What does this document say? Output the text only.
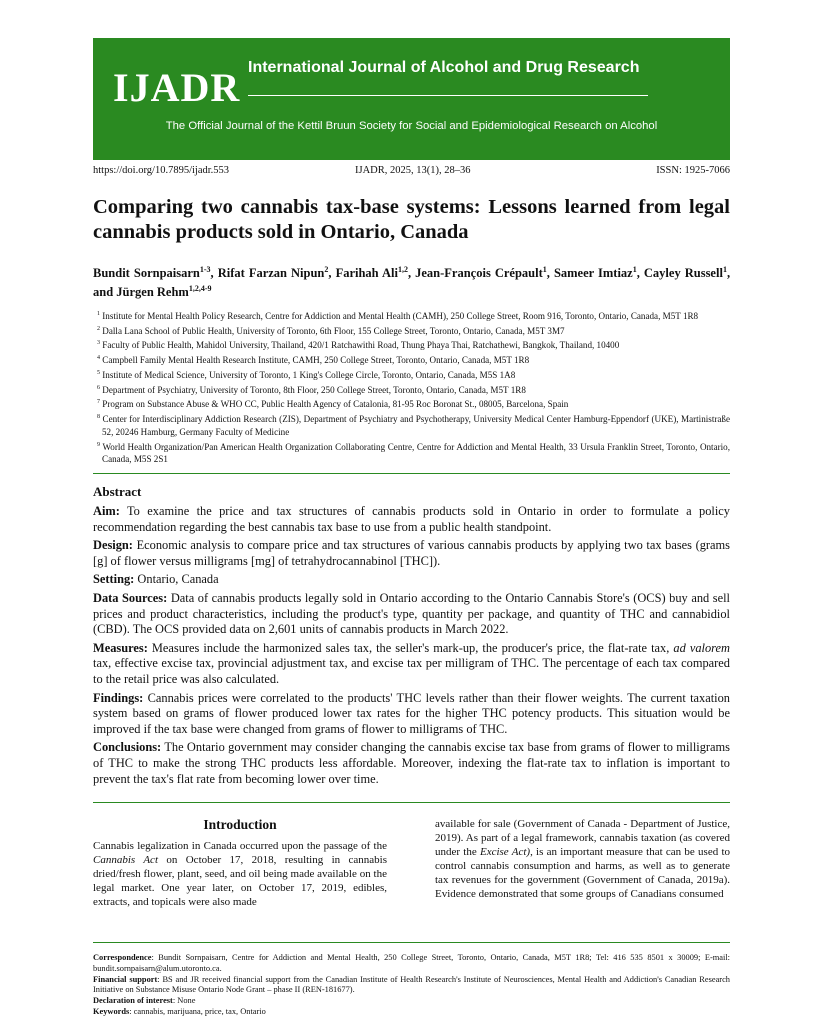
IJADR International Journal of Alcohol and Drug Research
The Official Journal of the Kettil Bruun Society for Social and Epidemiological Research on Alcohol
https://doi.org/10.7895/ijadr.553	IJADR, 2025, 13(1), 28–36	ISSN: 1925-7066
Comparing two cannabis tax-base systems: Lessons learned from legal cannabis products sold in Ontario, Canada

Bundit Sornpaisarn$^{1-3}$, Rifat Farzan Nipun$^2$, Farihah Ali$^{1,2}$, Jean-François Crépault$^1$, Sameer Imtiaz$^1$, Cayley Russell$^1$, and Jürgen Rehm$^{1,2,4-9}$

$^1$ Institute for Mental Health Policy Research, Centre for Addiction and Mental Health (CAMH), 250 College Street, Room 916, Toronto, Ontario, Canada, M5T 1R8
$^2$ Dalla Lana School of Public Health, University of Toronto, 6th Floor, 155 College Street, Toronto, Ontario, Canada, M5T 3M7
$^3$ Faculty of Public Health, Mahidol University, Thailand, 420/1 Ratchawithi Road, Thung Phaya Thai, Ratchathewi, Bangkok, Thailand, 10400
$^4$ Campbell Family Mental Health Research Institute, CAMH, 250 College Street, Toronto, Ontario, Canada, M5T 1R8
$^5$ Institute of Medical Science, University of Toronto, 1 King's College Circle, Toronto, Ontario, Canada, M5S 1A8
$^6$ Department of Psychiatry, University of Toronto, 8th Floor, 250 College Street, Toronto, Ontario, Canada, M5T 1R8
$^7$ Program on Substance Abuse & WHO CC, Public Health Agency of Catalonia, 81-95 Roc Boronat St., 08005, Barcelona, Spain
$^8$ Center for Interdisciplinary Addiction Research (ZIS), Department of Psychiatry and Psychotherapy, University Medical Center Hamburg-Eppendorf (UKE), Martinistraße 52, 20246 Hamburg, Germany Faculty of Medicine
$^9$ World Health Organization/Pan American Health Organization Collaborating Centre, Centre for Addiction and Mental Health, 33 Ursula Franklin Street, Toronto, Ontario, Canada, M5S 2S1
Abstract

Aim: To examine the price and tax structures of cannabis products sold in Ontario in order to formulate a policy recommendation regarding the best cannabis tax base to use from a public health standpoint.

Design: Economic analysis to compare price and tax structures of various cannabis products by applying two tax bases (grams [g] of flower versus milligrams [mg] of tetrahydrocannabinol [THC]).

Setting: Ontario, Canada

Data Sources: Data of cannabis products legally sold in Ontario according to the Ontario Cannabis Store's (OCS) buy and sell prices and product characteristics, including the product's type, quantity per package, and quantity of THC and cannabidiol (CBD). The OCS provided data on 2,601 units of cannabis products in March 2022.

Measures: Measures include the harmonized sales tax, the seller's mark-up, the producer's price, the flat-rate tax, ad valorem tax, effective excise tax, provincial adjustment tax, and excise tax per milligram of THC. The percentage of each tax compared to the retail price was also calculated.

Findings: Cannabis prices were correlated to the products' THC levels rather than their flower weights. The current taxation system based on grams of flower produced lower tax rates for the higher THC potency products. This situation would be improved if the tax base were changed from grams of flower to milligrams of THC.

Conclusions: The Ontario government may consider changing the cannabis excise tax base from grams of flower to milligrams of THC to make the strong THC products less affordable. Moreover, indexing the flat-rate tax to inflation is important to prevent the tax's flat rate from becoming lower over time.

Introduction

Cannabis legalization in Canada occurred upon the passage of the Cannabis Act on October 17, 2018, resulting in cannabis dried/fresh flower, plant, seed, and oil being made available on the legal market. One year later, on October 17, 2019, edibles, extracts, and topicals were also made

available for sale (Government of Canada - Department of Justice, 2019). As part of a legal framework, cannabis taxation (as covered under the Excise Act), is an important measure that can be used to control cannabis consumption and harms, as well as to generate tax revenues for the government (Government of Canada, 2019a). Evidence demonstrated that some groups of Canadians consumed

Correspondence: Bundit Sornpaisarn, Centre for Addiction and Mental Health, 250 College Street, Toronto, Ontario, Canada, M5T 1R8; Tel: 416 535 8501 x 30009; E-mail: bundit.sornpaisarn@alum.utoronto.ca.

Financial support: BS and JR received financial support from the Canadian Institute of Health Research's Institute of Neurosciences, Mental Health and Addiction's Canadian Research Initiative on Substance Misuse Ontario Node Grant – phase II (REN-181677).

Declaration of interest: None

Keywords: cannabis, marijuana, price, tax, Ontario
